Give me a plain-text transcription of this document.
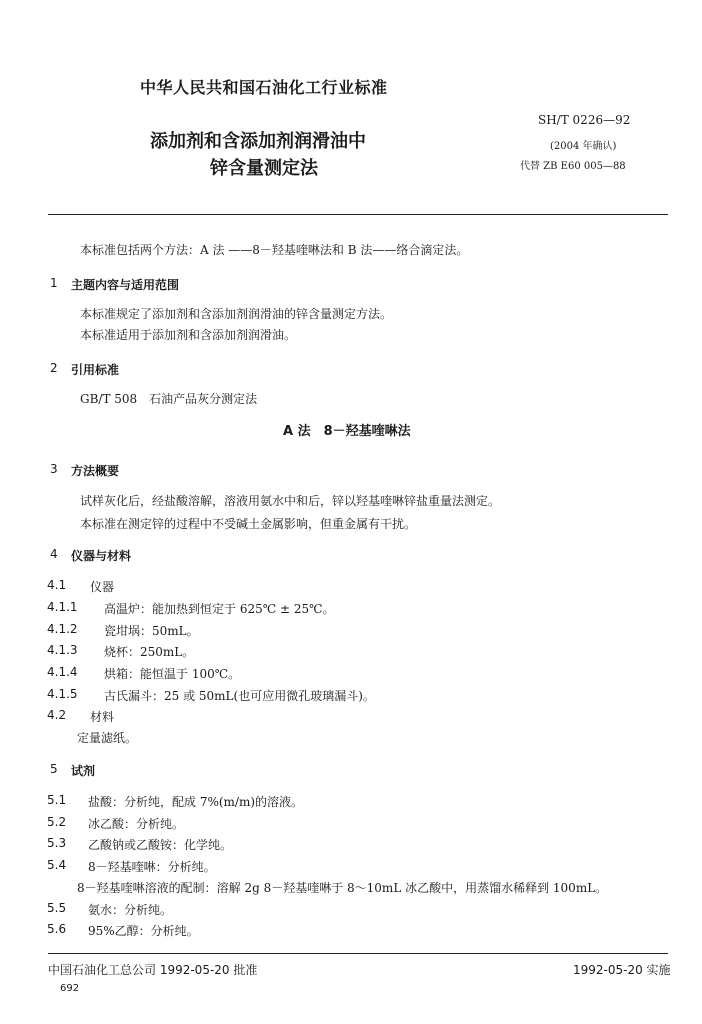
中华人民共和国石油化工行业标准
添加剂和含添加剂润滑油中
锌含量测定法
SH/T 0226—92
(2004 年确认)
代替 ZB E60 005—88
本标准包括两个方法：A 法 ——8－羟基喹啉法和 B 法——络合滴定法。
1 主题内容与适用范围
本标准规定了添加剂和含添加剂润滑油的锌含量测定方法。
本标准适用于添加剂和含添加剂润滑油。
2 引用标准
GB/T 508　石油产品灰分测定法
A 法　8－羟基喹啉法
3 方法概要
试样灰化后，经盐酸溶解，溶液用氨水中和后，锌以羟基喹啉锌盐重量法测定。
本标准在测定锌的过程中不受碱土金属影响，但重金属有干扰。
4 仪器与材料
4.1 仪器
4.1.1 高温炉：能加热到恒定于 625℃ ± 25℃。
4.1.2 瓷坩埚：50mL。
4.1.3 烧杯：250mL。
4.1.4 烘箱：能恒温于 100℃。
4.1.5 古氏漏斗：25 或 50mL(也可应用微孔玻璃漏斗)。
4.2 材料
定量滤纸。
5 试剂
5.1 盐酸：分析纯，配成 7%(m/m)的溶液。
5.2 冰乙酸：分析纯。
5.3 乙酸钠或乙酸铵：化学纯。
5.4 8－羟基喹啉：分析纯。
8－羟基喹啉溶液的配制：溶解 2g 8－羟基喹啉于 8～10mL 冰乙酸中，用蒸馏水稀释到 100mL。
5.5 氨水：分析纯。
5.6 95%乙醇：分析纯。
中国石油化工总公司 1992-05-20 批准	1992-05-20 实施
692
